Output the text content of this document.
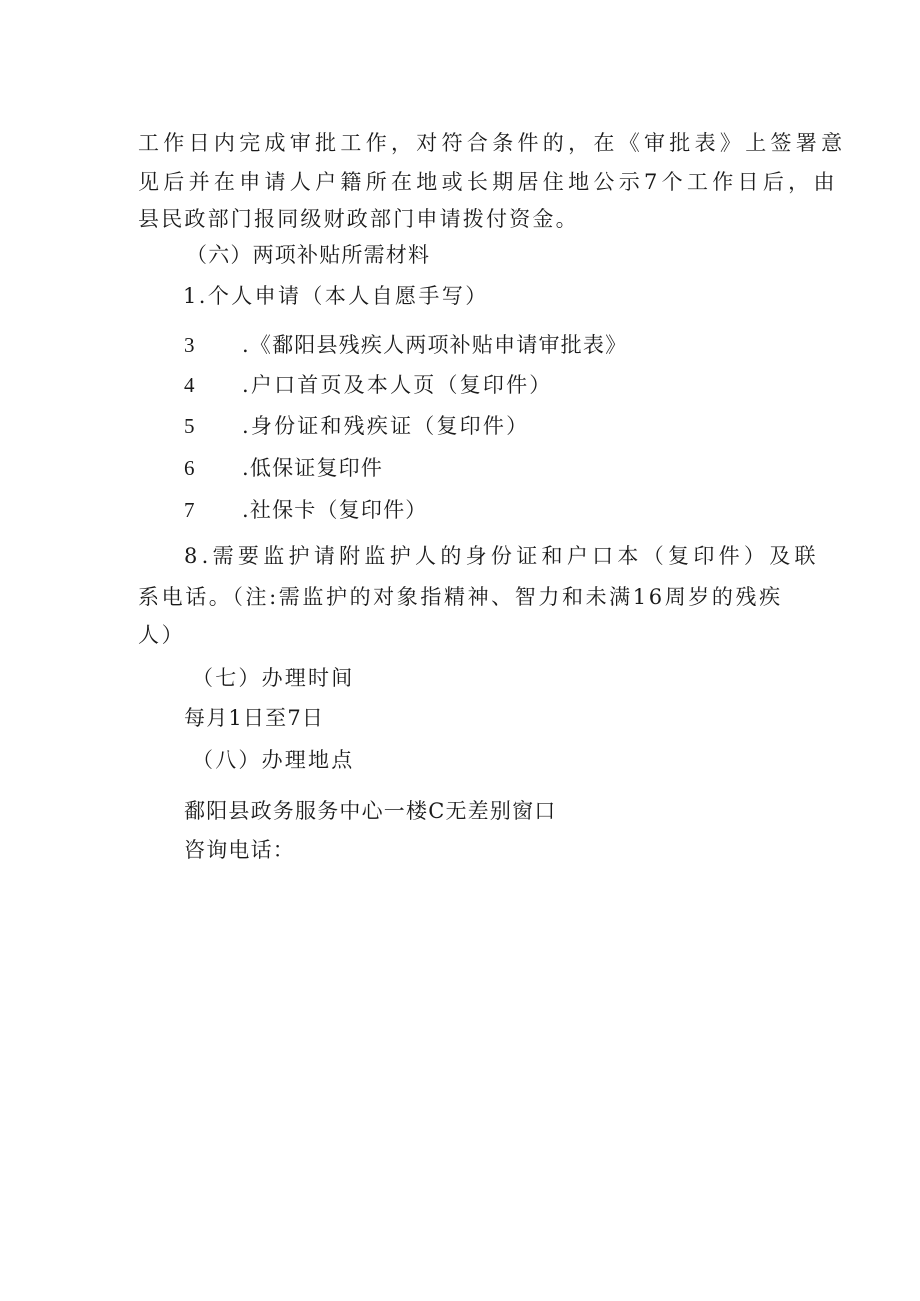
工作日内完成审批工作，对符合条件的，在《审批表》上签署意
见后并在申请人户籍所在地或长期居住地公示7个工作日后，由
县民政部门报同级财政部门申请拨付资金。
（六）两项补贴所需材料
1.个人申请（本人自愿手写）
3 .《鄱阳县残疾人两项补贴申请审批表》
4 .户口首页及本人页（复印件）
5 .身份证和残疾证（复印件）
6 .低保证复印件
7 .社保卡（复印件）
8.需要监护请附监护人的身份证和户口本（复印件）及联
系电话。（注:需监护的对象指精神、智力和未满16周岁的残疾
人）
（七）办理时间
每月1日至7日
（八）办理地点
鄱阳县政务服务中心一楼C无差别窗口
咨询电话：
